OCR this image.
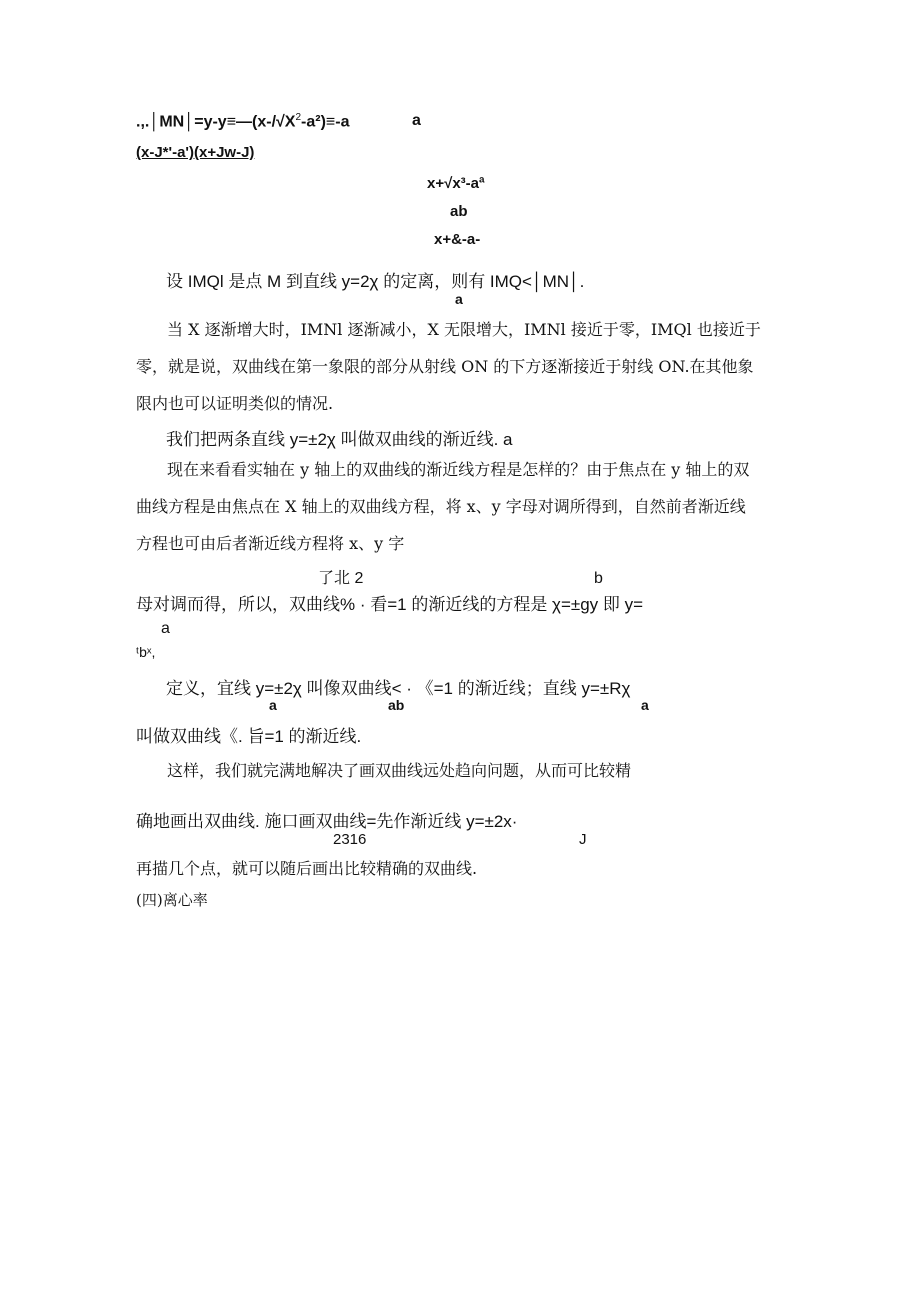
$.,.│MN│=y-y\equiv—(x-/√X^2-a^2)\equiv-a$	a
(x-J*'-a')(x+Jw-J)
x+√x³-aª
ab
x+&-a-
设 IMQl 是点 M 到直线 y=2χ 的定离，则有 IMQ<│MN│.
a
当 X 逐渐增大时，IMNl 逐渐减小，X 无限增大，IMNl 接近于零，IMQl 也接近于
零，就是说，双曲线在第一象限的部分从射线 ON 的下方逐渐接近于射线 ON.在其他象
限内也可以证明类似的情况.
我们把两条直线 y=±2χ 叫做双曲线的渐近线. a
现在来看看实轴在 y 轴上的双曲线的渐近线方程是怎样的？由于焦点在 y 轴上的双
曲线方程是由焦点在 X 轴上的双曲线方程，将 x、y 字母对调所得到，自然前者渐近线
方程也可由后者渐近线方程将 x、y 字
了北 2	b
母对调而得，所以，双曲线% · 看=1 的渐近线的方程是 χ=±gy 即 y=
a
ᵗbˣ,
定义，宜线 y=±2χ 叫像双曲线< · 《=1 的渐近线；直线 y=±Rχ
a	ab	a
叫做双曲线《. 旨=1 的渐近线.
这样，我们就完满地解决了画双曲线远处趋向问题，从而可比较精
确地画出双曲线. 施口画双曲线=先作渐近线 y=±2x·
2316	J
再描几个点，就可以随后画出比较精确的双曲线.
(四)离心率
